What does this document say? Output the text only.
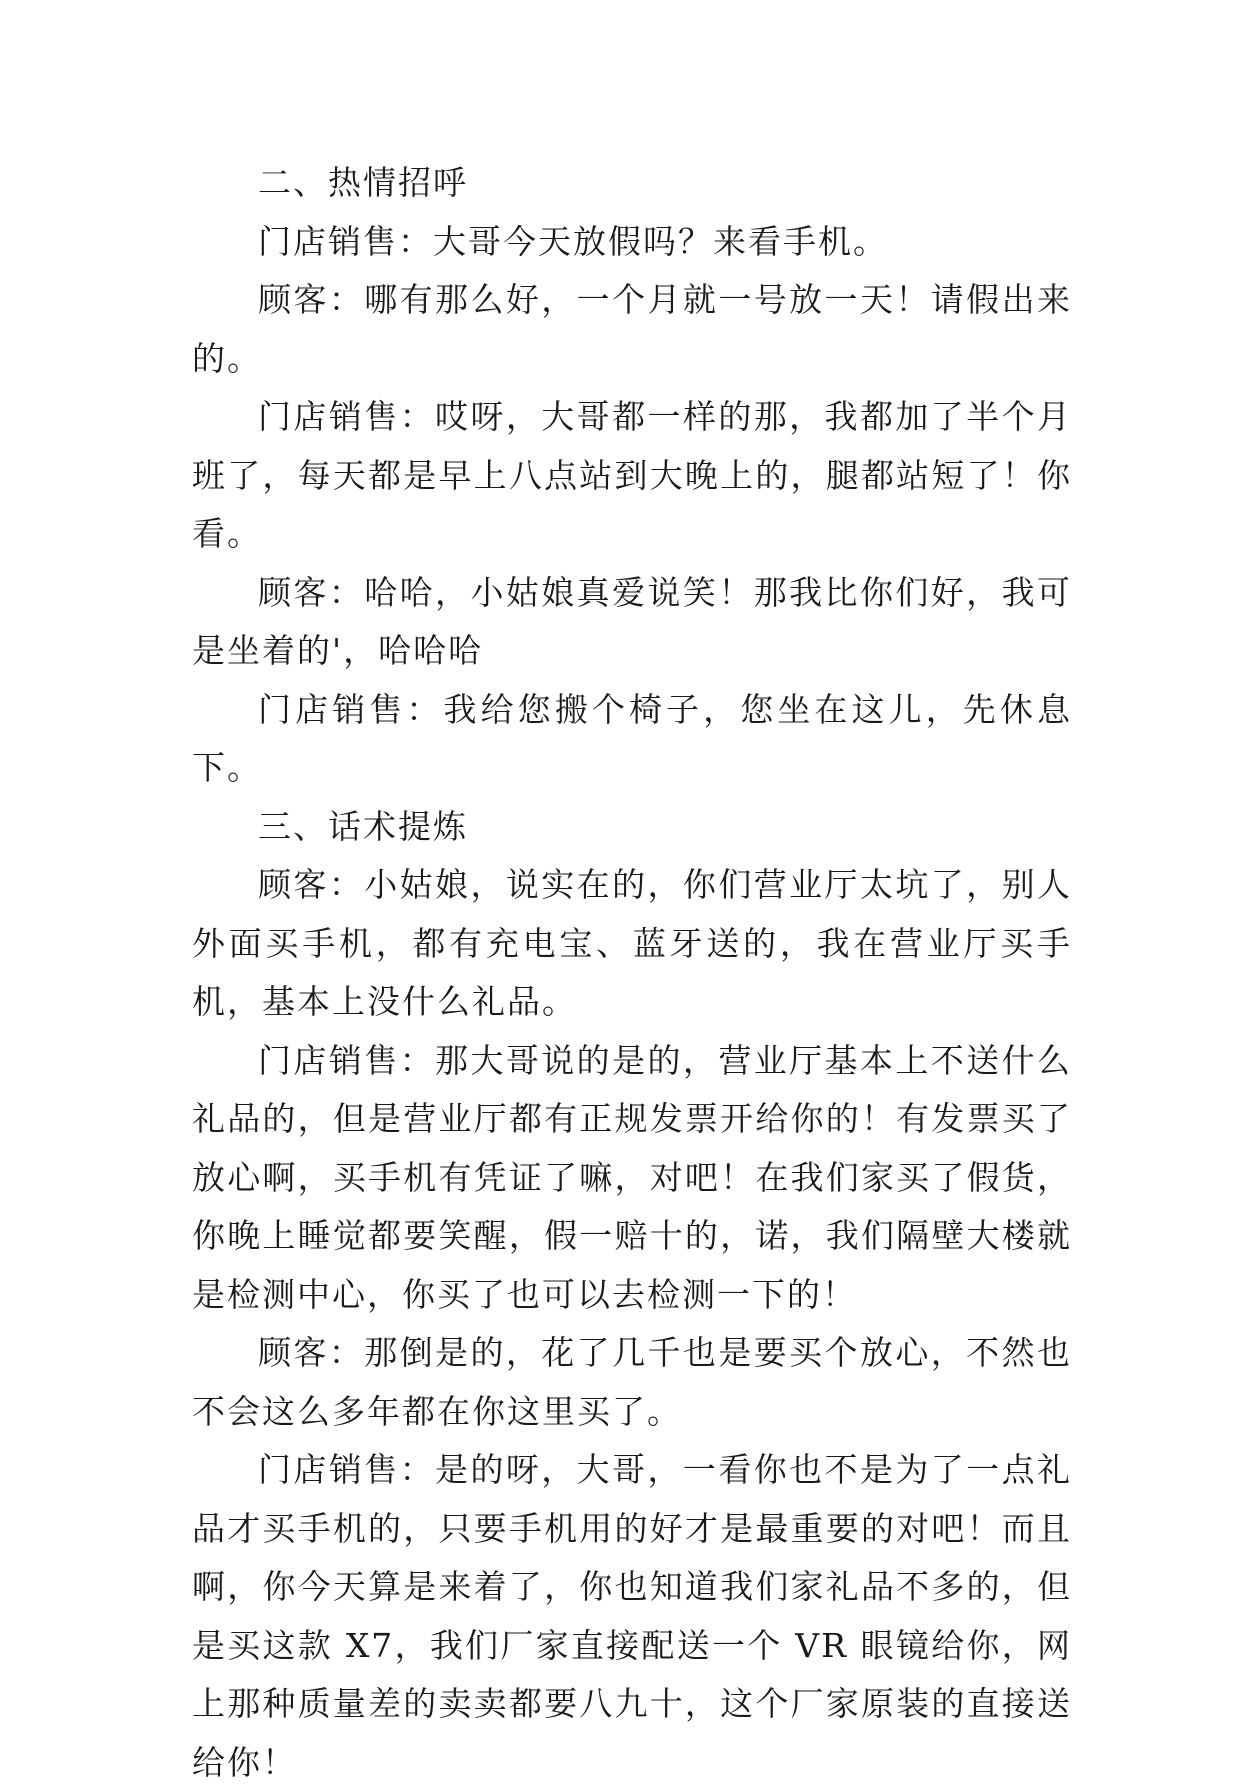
二、热情招呼

门店销售：大哥今天放假吗？来看手机。

顾客：哪有那么好，一个月就一号放一天！请假出来的。

门店销售：哎呀，大哥都一样的那，我都加了半个月班了，每天都是早上八点站到大晚上的，腿都站短了！你看。

顾客：哈哈，小姑娘真爱说笑！那我比你们好，我可是坐着的'，哈哈哈

门店销售：我给您搬个椅子，您坐在这儿，先休息下。

三、话术提炼

顾客：小姑娘，说实在的，你们营业厅太坑了，别人外面买手机，都有充电宝、蓝牙送的，我在营业厅买手机，基本上没什么礼品。

门店销售：那大哥说的是的，营业厅基本上不送什么礼品的，但是营业厅都有正规发票开给你的！有发票买了放心啊，买手机有凭证了嘛，对吧！在我们家买了假货，你晚上睡觉都要笑醒，假一赔十的，诺，我们隔壁大楼就是检测中心，你买了也可以去检测一下的！

顾客：那倒是的，花了几千也是要买个放心，不然也不会这么多年都在你这里买了。

门店销售：是的呀，大哥，一看你也不是为了一点礼品才买手机的，只要手机用的好才是最重要的对吧！而且啊，你今天算是来着了，你也知道我们家礼品不多的，但是买这款 X7，我们厂家直接配送一个 VR 眼镜给你，网上那种质量差的卖卖都要八九十，这个厂家原装的直接送给你！
